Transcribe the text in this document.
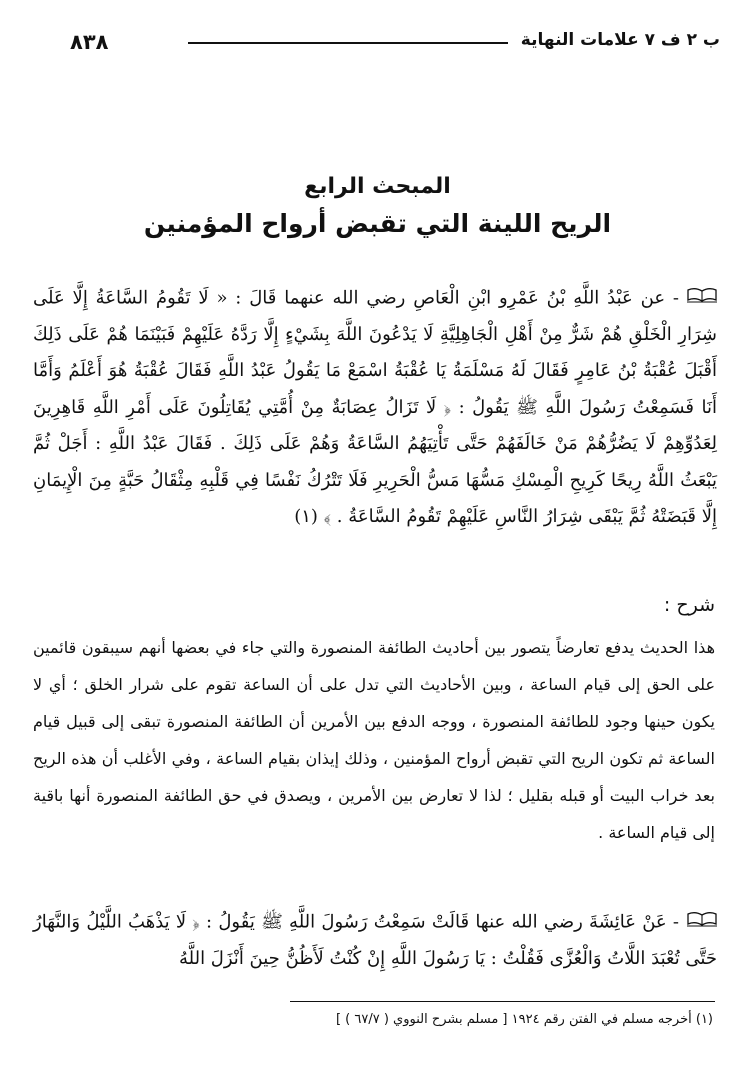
٨٣٨	ب ٢ ف ٧ علامات النهاية
المبحث الرابع
الريح اللينة التي تقبض أرواح المؤمنين
- عن عَبْدُ اللَّهِ بْنُ عَمْرِو ابْنِ الْعَاصِ رضي الله عنهما قَالَ : « لَا تَقُومُ السَّاعَةُ إِلَّا عَلَى شِرَارِ الْخَلْقِ هُمْ شَرٌّ مِنْ أَهْلِ الْجَاهِلِيَّةِ لَا يَدْعُونَ اللَّهَ بِشَيْءٍ إِلَّا رَدَّهُ عَلَيْهِمْ فَبَيْنَمَا هُمْ عَلَى ذَلِكَ أَقْبَلَ عُقْبَةُ بْنُ عَامِرٍ فَقَالَ لَهُ مَسْلَمَةُ يَا عُقْبَةُ اسْمَعْ مَا يَقُولُ عَبْدُ اللَّهِ فَقَالَ عُقْبَةُ هُوَ أَعْلَمُ وَأَمَّا أَنَا فَسَمِعْتُ رَسُولَ اللَّهِ ﷺ يَقُولُ : ﴿ لَا تَزَالُ عِصَابَةٌ مِنْ أُمَّتِي يُقَاتِلُونَ عَلَى أَمْرِ اللَّهِ قَاهِرِينَ لِعَدُوِّهِمْ لَا يَضُرُّهُمْ مَنْ خَالَفَهُمْ حَتَّى تَأْتِيَهُمُ السَّاعَةُ وَهُمْ عَلَى ذَلِكَ . فَقَالَ عَبْدُ اللَّهِ : أَجَلْ ثُمَّ يَبْعَثُ اللَّهُ رِيحًا كَرِيحِ الْمِسْكِ مَسُّهَا مَسُّ الْحَرِيرِ فَلَا تَتْرُكُ نَفْسًا فِي قَلْبِهِ مِثْقَالُ حَبَّةٍ مِنَ الْإِيمَانِ إِلَّا قَبَضَتْهُ ثُمَّ يَبْقَى شِرَارُ النَّاسِ عَلَيْهِمْ تَقُومُ السَّاعَةُ . ﴾ (١)
شرح :
هذا الحديث يدفع تعارضاً يتصور بين أحاديث الطائفة المنصورة والتي جاء في بعضها أنهم سيبقون قائمين على الحق إلى قيام الساعة ، وبين الأحاديث التي تدل على أن الساعة تقوم على شرار الخلق ؛ أي لا يكون حينها وجود للطائفة المنصورة ، ووجه الدفع بين الأمرين أن الطائفة المنصورة تبقى إلى قبيل قيام الساعة ثم تكون الريح التي تقبض أرواح المؤمنين ، وذلك إيذان بقيام الساعة ، وفي الأغلب أن هذه الريح بعد خراب البيت أو قبله بقليل ؛ لذا لا تعارض بين الأمرين ، ويصدق في حق الطائفة المنصورة أنها باقية إلى قيام الساعة .
- عَنْ عَائِشَةَ رضي الله عنها قَالَتْ سَمِعْتُ رَسُولَ اللَّهِ ﷺ يَقُولُ : ﴿ لَا يَذْهَبُ اللَّيْلُ وَالنَّهَارُ حَتَّى تُعْبَدَ اللَّاتُ وَالْعُزَّى فَقُلْتُ : يَا رَسُولَ اللَّهِ إِنْ كُنْتُ لَأَظُنُّ حِينَ أَنْزَلَ اللَّهُ
(١) أخرجه مسلم في الفتن رقم ١٩٢٤ [ مسلم بشرح النووي ( ٦٧/٧ ) ]
